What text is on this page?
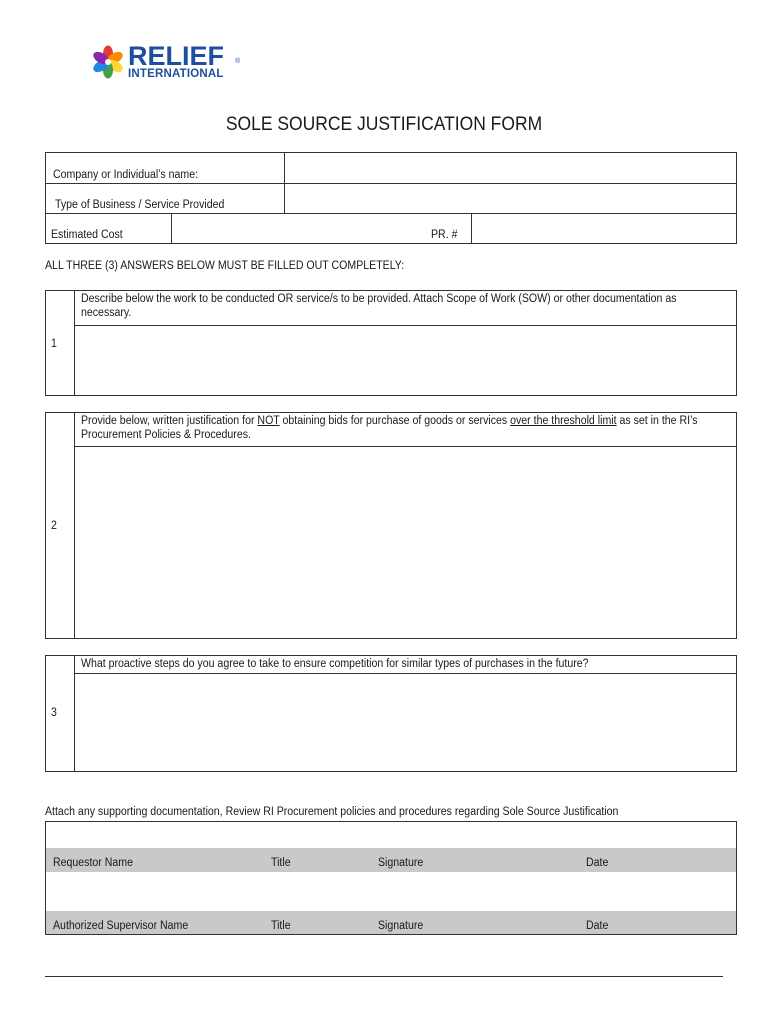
RELIEF ®
INTERNATIONAL
SOLE SOURCE JUSTIFICATION FORM
Company or Individual’s name:
Type of Business / Service Provided
Estimated Cost	PR. #
ALL THREE (3) ANSWERS BELOW MUST BE FILLED OUT COMPLETELY:
1
Describe below the work to be conducted OR service/s to be provided. Attach Scope of Work (SOW) or other documentation as necessary.
2
Provide below, written justification for NOT obtaining bids for purchase of goods or services over the threshold limit as set in the RI’s Procurement Policies & Procedures.
3
What proactive steps do you agree to take to ensure competition for similar types of purchases in the future?
Attach any supporting documentation, Review RI Procurement policies and procedures regarding Sole Source Justification
Requestor Name	Title	Signature	Date
Authorized Supervisor Name	Title	Signature	Date
